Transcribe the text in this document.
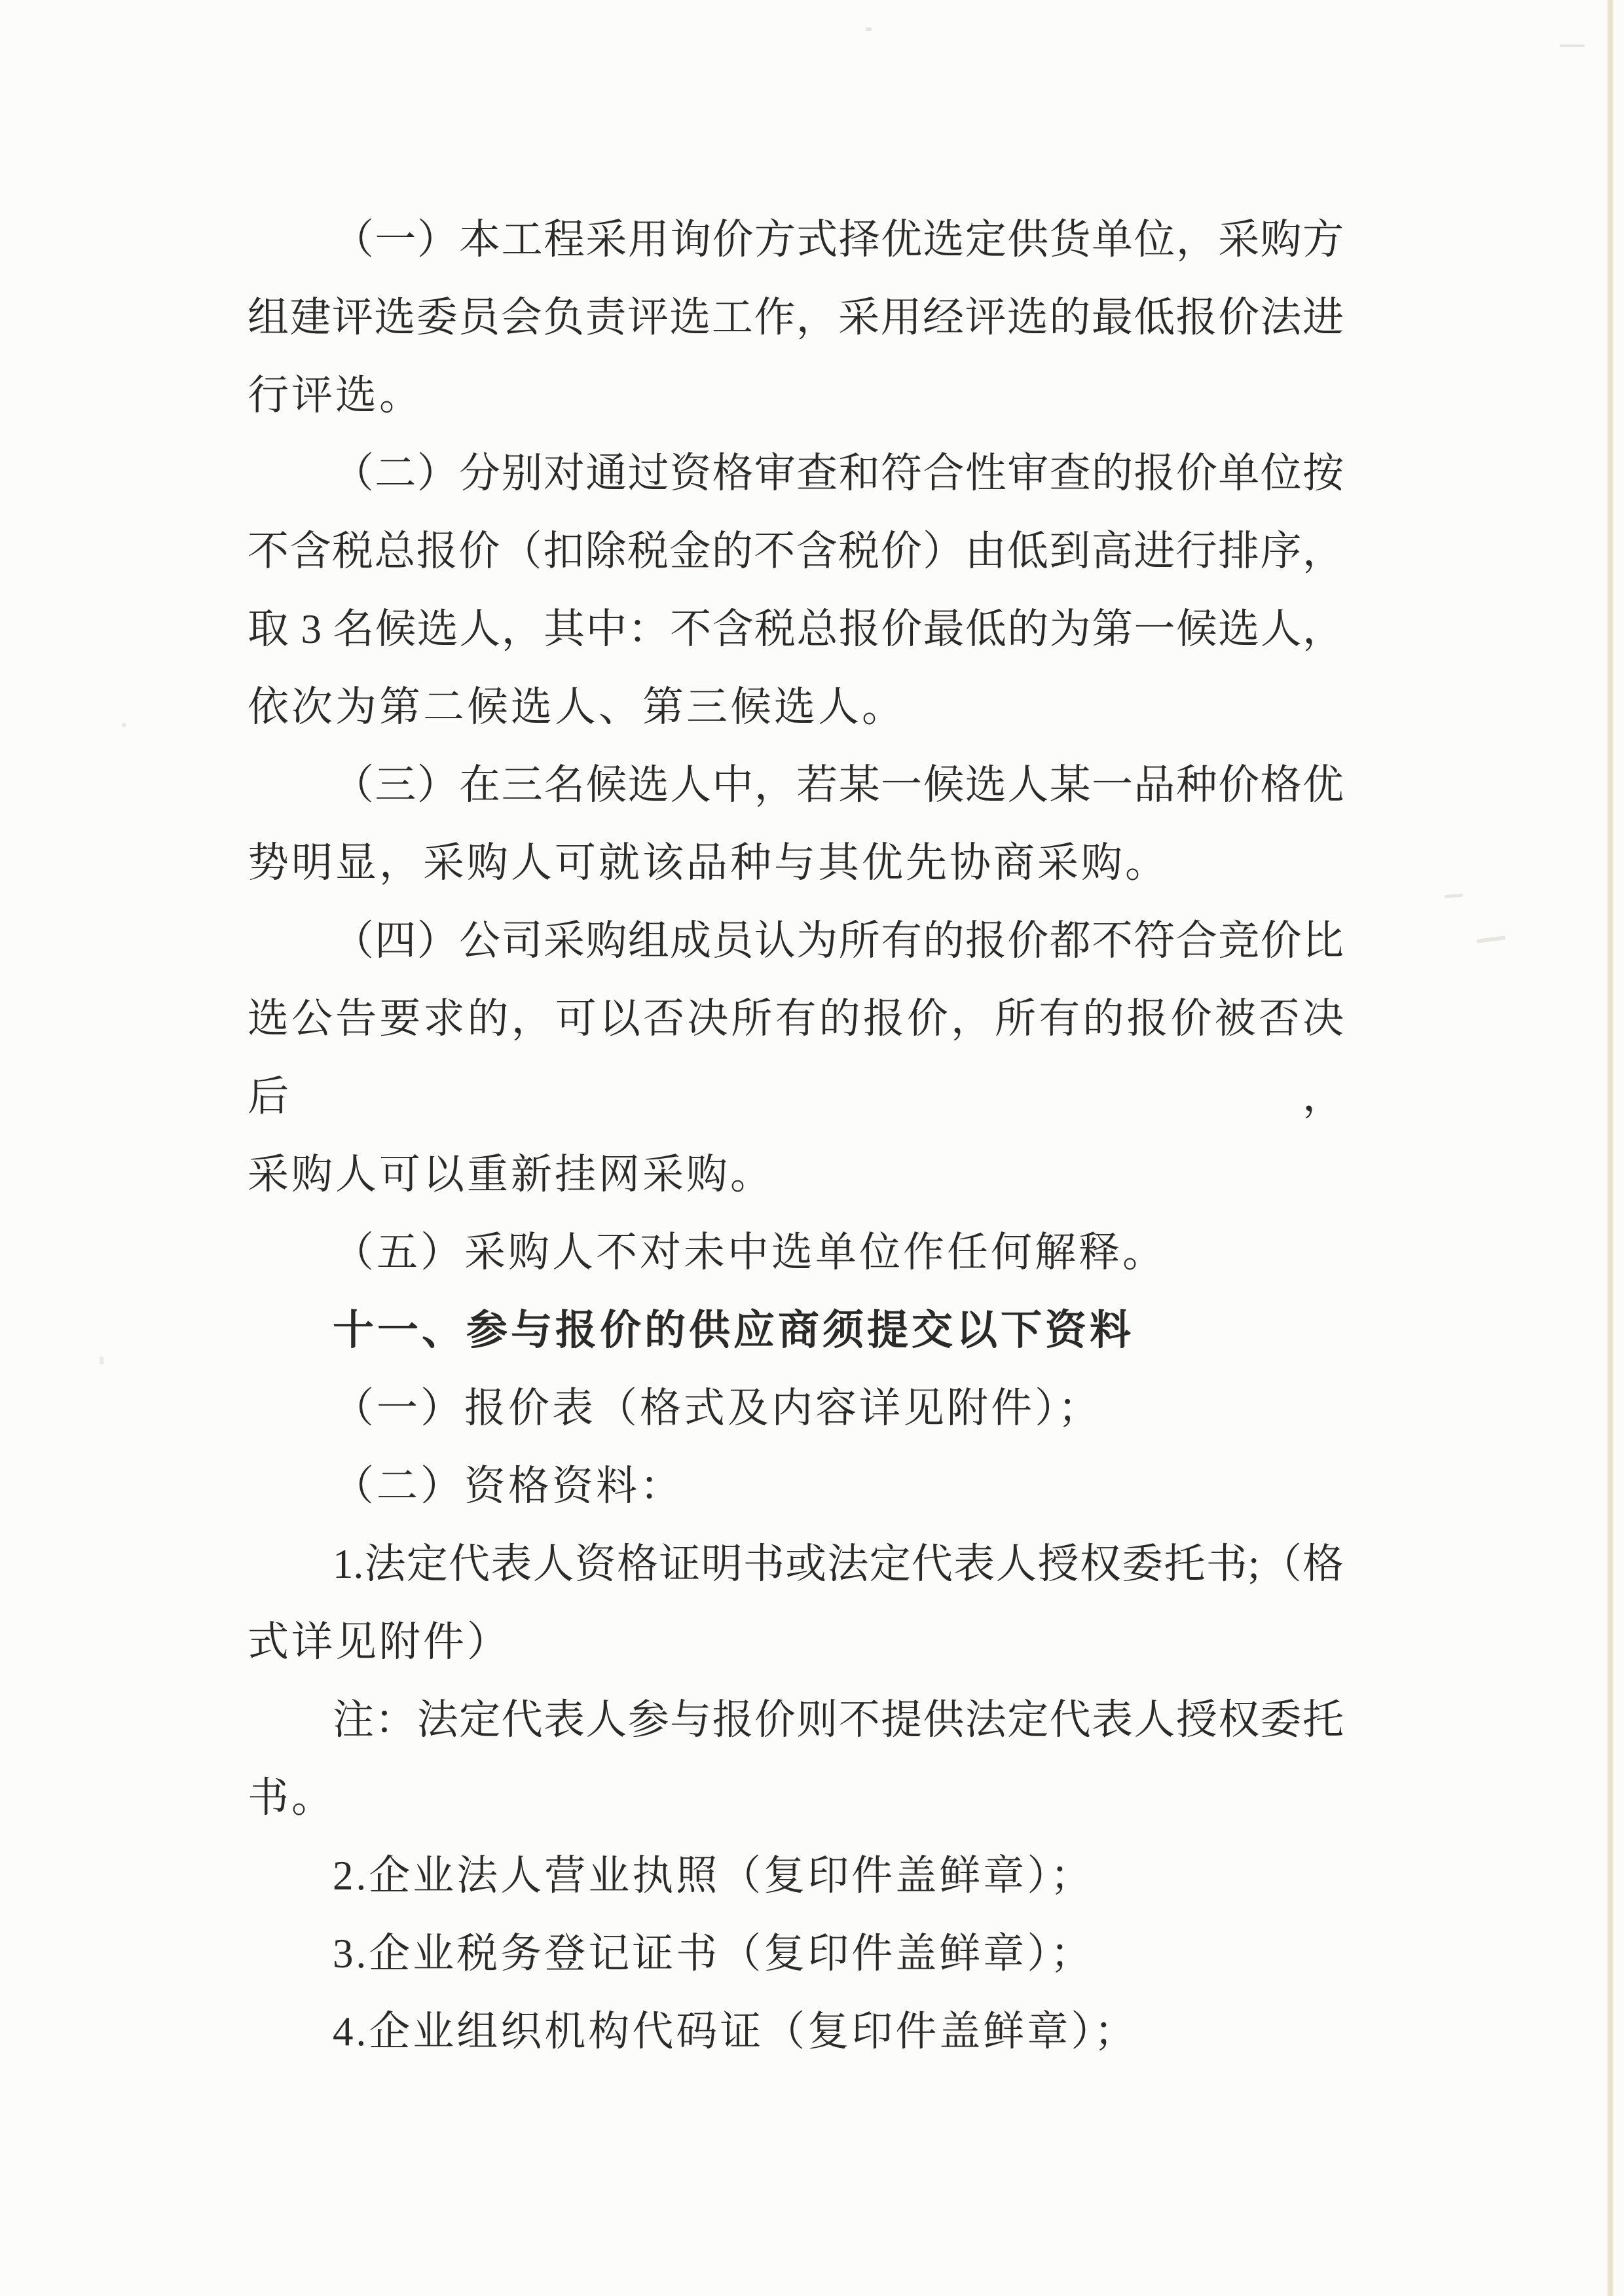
（一）本工程采用询价方式择优选定供货单位，采购方
组建评选委员会负责评选工作，采用经评选的最低报价法进
行评选。
（二）分别对通过资格审查和符合性审查的报价单位按
不含税总报价（扣除税金的不含税价）由低到高进行排序，
取 3 名候选人，其中：不含税总报价最低的为第一候选人，
依次为第二候选人、第三候选人。
（三）在三名候选人中，若某一候选人某一品种价格优
势明显，采购人可就该品种与其优先协商采购。
（四）公司采购组成员认为所有的报价都不符合竞价比
选公告要求的，可以否决所有的报价，所有的报价被否决后，
采购人可以重新挂网采购。
（五）采购人不对未中选单位作任何解释。
十一、参与报价的供应商须提交以下资料
（一）报价表（格式及内容详见附件）；
（二）资格资料：
1.法定代表人资格证明书或法定代表人授权委托书;（格
式详见附件）
注：法定代表人参与报价则不提供法定代表人授权委托
书。
2.企业法人营业执照（复印件盖鲜章）；
3.企业税务登记证书（复印件盖鲜章）；
4.企业组织机构代码证（复印件盖鲜章）；
